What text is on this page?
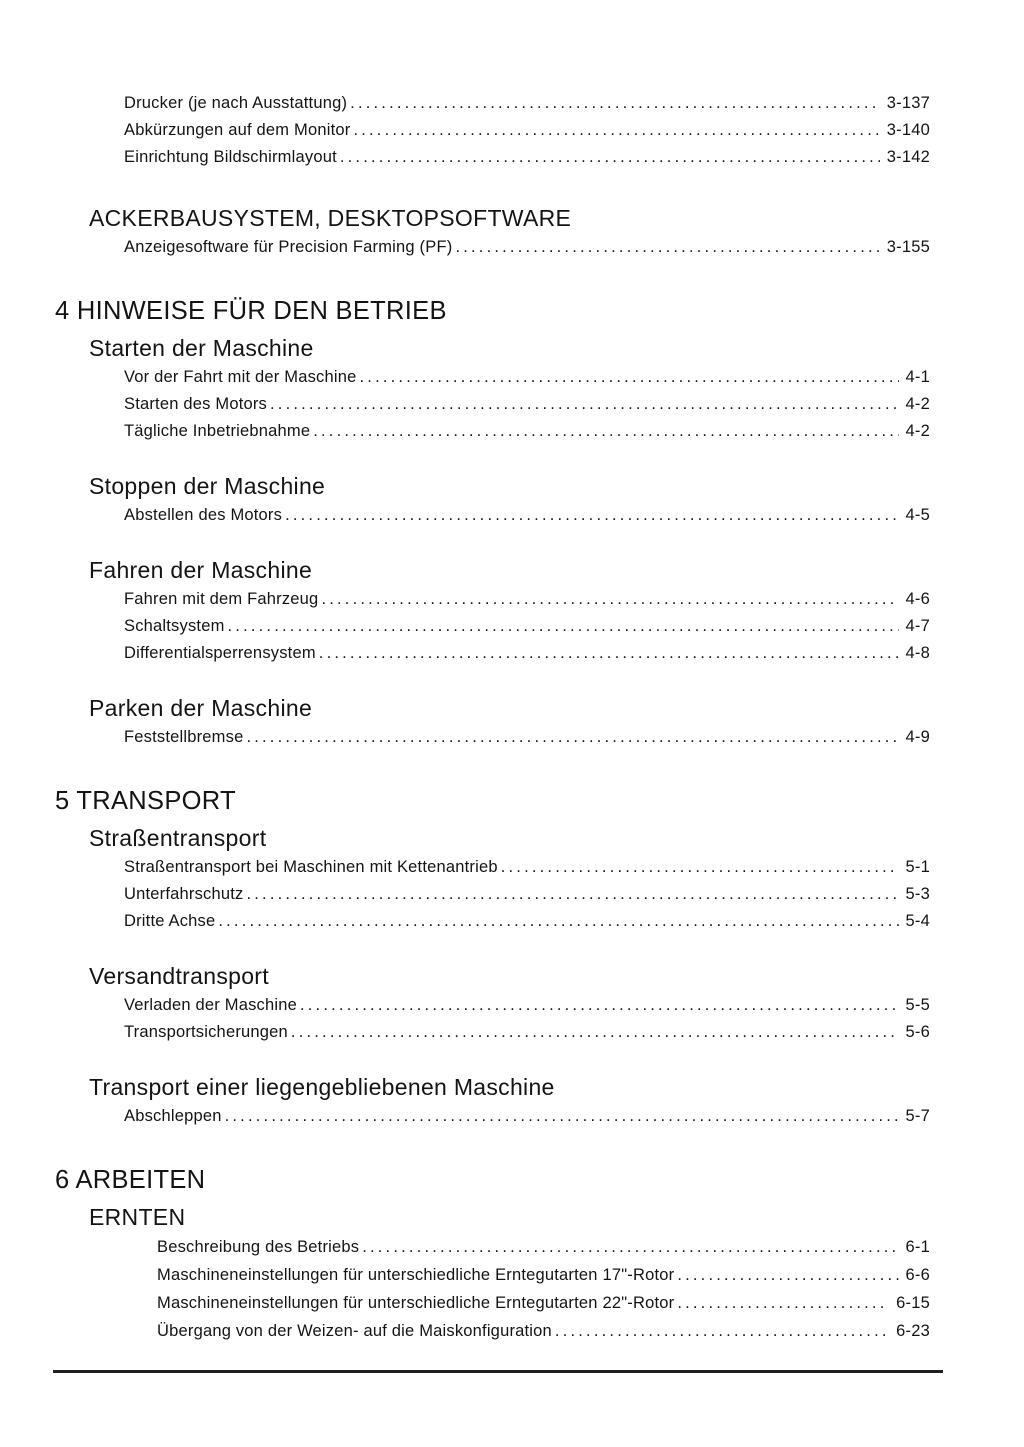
Drucker (je nach Ausstattung) .....	3-137
Abkürzungen auf dem Monitor .....	3-140
Einrichtung Bildschirmlayout .....	3-142
ACKERBAUSYSTEM, DESKTOPSOFTWARE
Anzeigesoftware für Precision Farming (PF) .....	3-155
4 HINWEISE FÜR DEN BETRIEB
Starten der Maschine
Vor der Fahrt mit der Maschine .....	4-1
Starten des Motors .....	4-2
Tägliche Inbetriebnahme .....	4-2
Stoppen der Maschine
Abstellen des Motors .....	4-5
Fahren der Maschine
Fahren mit dem Fahrzeug .....	4-6
Schaltsystem .....	4-7
Differentialsperrensystem .....	4-8
Parken der Maschine
Feststellbremse .....	4-9
5 TRANSPORT
Straßentransport
Straßentransport bei Maschinen mit Kettenantrieb .....	5-1
Unterfahrschutz .....	5-3
Dritte Achse .....	5-4
Versandtransport
Verladen der Maschine .....	5-5
Transportsicherungen .....	5-6
Transport einer liegengebliebenen Maschine
Abschleppen .....	5-7
6 ARBEITEN
ERNTEN
Beschreibung des Betriebs .....	6-1
Maschineneinstellungen für unterschiedliche Erntegutarten 17"-Rotor .....	6-6
Maschineneinstellungen für unterschiedliche Erntegutarten 22"-Rotor .....	6-15
Übergang von der Weizen- auf die Maiskonfiguration .....	6-23
